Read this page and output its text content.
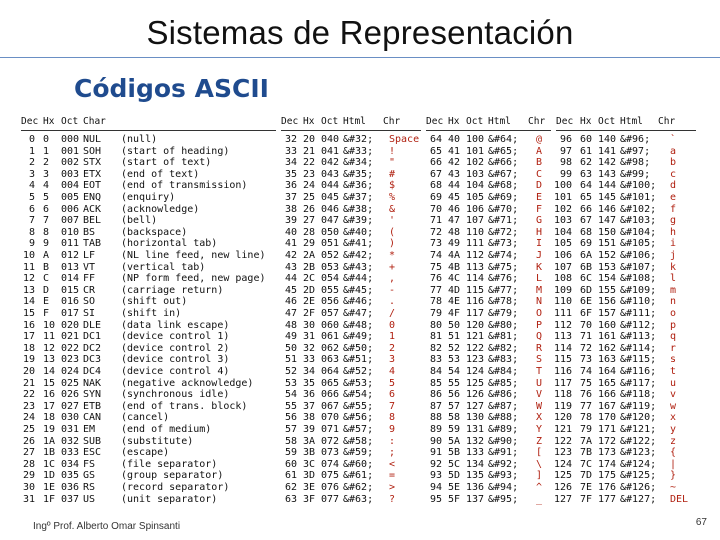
Sistemas de Representación
Códigos ASCII
Dec Hx Oct Char
0 0 000 NUL (null)
1 1 001 SOH (start of heading)
2 2 002 STX (start of text)
3 3 003 ETX (end of text)
4 4 004 EOT (end of transmission)
5 5 005 ENQ (enquiry)
6 6 006 ACK (acknowledge)
7 7 007 BEL (bell)
8 8 010 BS	(backspace)
9 9 011 TAB (horizontal tab)
10 A 012 LF	(NL line feed, new line)
11 B 013 VT	(vertical tab)
12 C 014 FF	(NP form feed, new page)
13 D 015 CR	(carriage return)
14 E 016 SO	(shift out)
15 F 017 SI	(shift in)
16 10 020 DLE (data link escape)
17 11 021 DC1 (device control 1)
18 12 022 DC2 (device control 2)
19 13 023 DC3 (device control 3)
20 14 024 DC4 (device control 4)
21 15 025 NAK (negative acknowledge)
22 16 026 SYN (synchronous idle)
23 17 027 ETB (end of trans. block)
24 18 030 CAN (cancel)
25 19 031 EM	(end of medium)
26 1A 032 SUB (substitute)
27 1B 033 ESC (escape)
28 1C 034 FS	(file separator)
29 1D 035 GS	(group separator)
30 1E 036 RS	(record separator)
31 1F 037 US	(unit separator)
Dec Hx Oct Html Chr
32 20 040 &#32; Space
33 21 041 &#33; !
34 22 042 &#34; "
35 23 043 &#35; #
36 24 044 &#36; $
37 25 045 &#37; %
38 26 046 &#38; &
39 27 047 &#39; '
40 28 050 &#40; (
41 29 051 &#41; )
42 2A 052 &#42; *
43 2B 053 &#43; +
44 2C 054 &#44; ,
45 2D 055 &#45; -
46 2E 056 &#46; .
47 2F 057 &#47; /
48 30 060 &#48; 0
49 31 061 &#49; 1
50 32 062 &#50; 2
51 33 063 &#51; 3
52 34 064 &#52; 4
53 35 065 &#53; 5
54 36 066 &#54; 6
55 37 067 &#55; 7
56 38 070 &#56; 8
57 39 071 &#57; 9
58 3A 072 &#58; :
59 3B 073 &#59; ;
60 3C 074 &#60; <
61 3D 075 &#61; =
62 3E 076 &#62; >
63 3F 077 &#63; ?
Dec Hx Oct Html Chr
64 40 100 &#64; @
65 41 101 &#65; A
66 42 102 &#66; B
67 43 103 &#67; C
68 44 104 &#68; D
69 45 105 &#69; E
70 46 106 &#70; F
71 47 107 &#71; G
72 48 110 &#72; H
73 49 111 &#73; I
74 4A 112 &#74; J
75 4B 113 &#75; K
76 4C 114 &#76; L
77 4D 115 &#77; M
78 4E 116 &#78; N
79 4F 117 &#79; O
80 50 120 &#80; P
81 51 121 &#81; Q
82 52 122 &#82; R
83 53 123 &#83; S
84 54 124 &#84; T
85 55 125 &#85; U
86 56 126 &#86; V
87 57 127 &#87; W
88 58 130 &#88; X
89 59 131 &#89; Y
90 5A 132 &#90; Z
91 5B 133 &#91; [
92 5C 134 &#92; \
93 5D 135 &#93; ]
94 5E 136 &#94; ^
95 5F 137 &#95; _
Dec Hx Oct Html Chr
96 60 140 &#96; `
97 61 141 &#97; a
98 62 142 &#98; b
99 63 143 &#99; c
100 64 144 &#100; d
101 65 145 &#101; e
102 66 146 &#102; f
103 67 147 &#103; g
104 68 150 &#104; h
105 69 151 &#105; i
106 6A 152 &#106; j
107 6B 153 &#107; k
108 6C 154 &#108; l
109 6D 155 &#109; m
110 6E 156 &#110; n
111 6F 157 &#111; o
112 70 160 &#112; p
113 71 161 &#113; q
114 72 162 &#114; r
115 73 163 &#115; s
116 74 164 &#116; t
117 75 165 &#117; u
118 76 166 &#118; v
119 77 167 &#119; w
120 78 170 &#120; x
121 79 171 &#121; y
122 7A 172 &#122; z
123 7B 173 &#123; {
124 7C 174 &#124; |
125 7D 175 &#125; }
126 7E 176 &#126; ~
127 7F 177 &#127; DEL
Ingº Prof. Alberto Omar Spinsanti	67
